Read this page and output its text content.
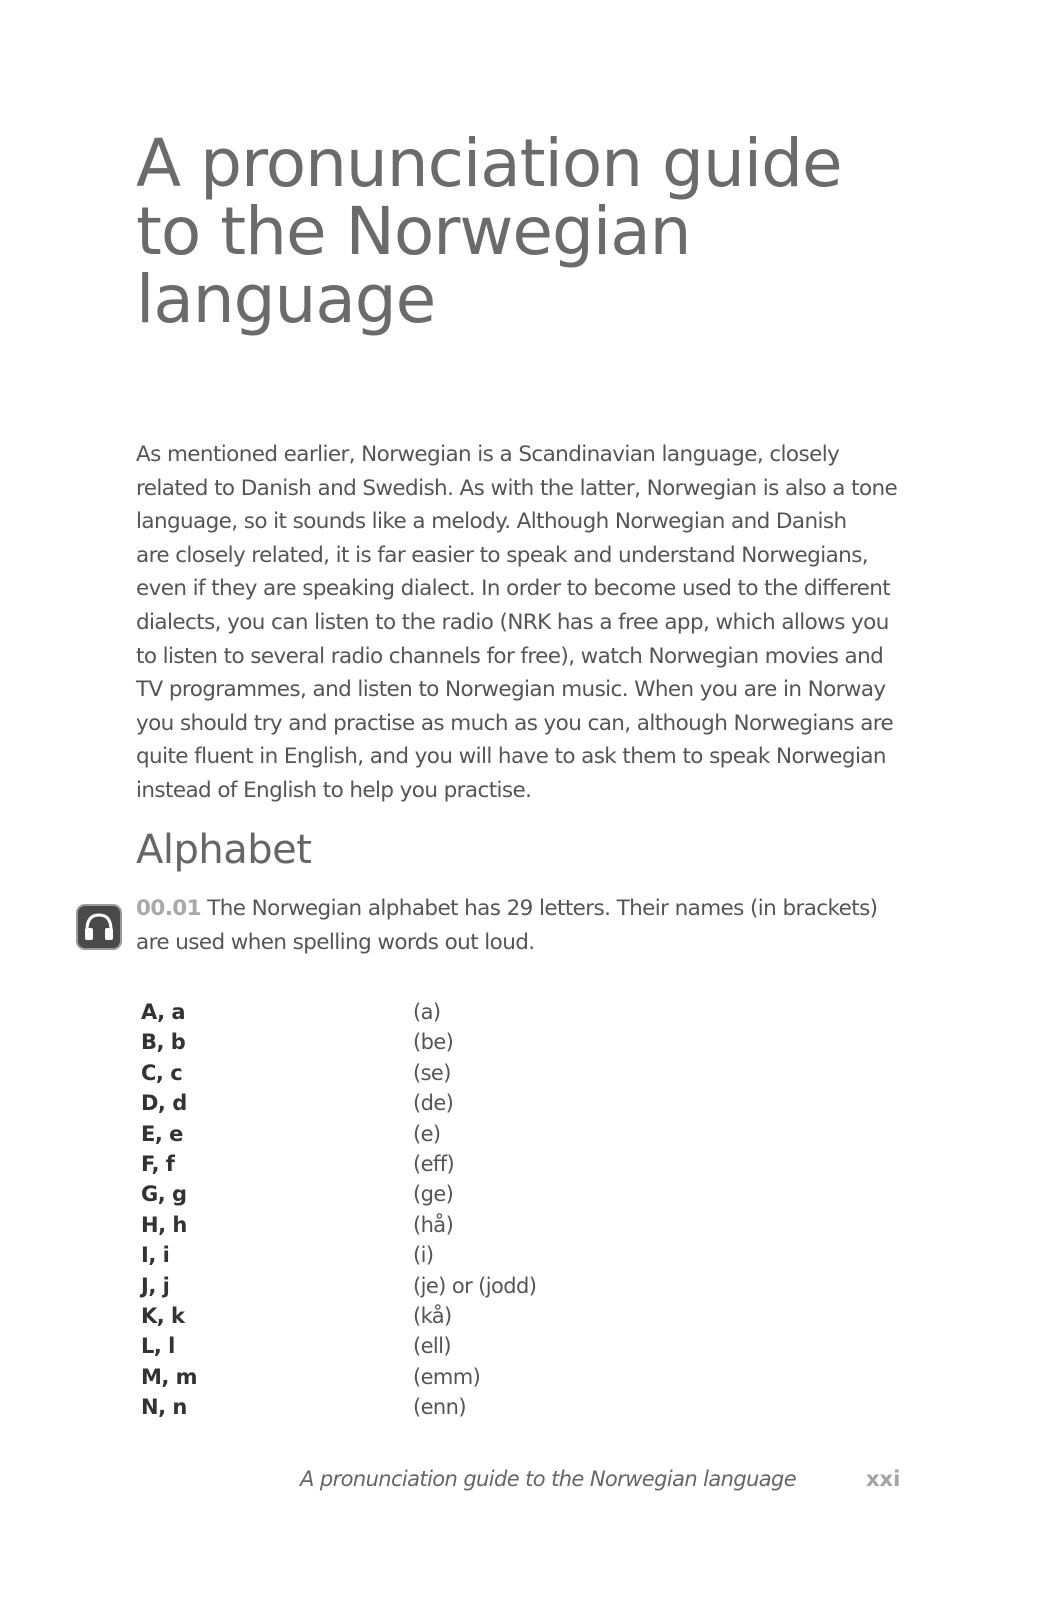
A pronunciation guide
to the Norwegian
language

As mentioned earlier, Norwegian is a Scandinavian language, closely
related to Danish and Swedish. As with the latter, Norwegian is also a tone
language, so it sounds like a melody. Although Norwegian and Danish
are closely related, it is far easier to speak and understand Norwegians,
even if they are speaking dialect. In order to become used to the different
dialects, you can listen to the radio (NRK has a free app, which allows you
to listen to several radio channels for free), watch Norwegian movies and
TV programmes, and listen to Norwegian music. When you are in Norway
you should try and practise as much as you can, although Norwegians are
quite fluent in English, and you will have to ask them to speak Norwegian
instead of English to help you practise.

Alphabet

00.01 The Norwegian alphabet has 29 letters. Their names (in brackets)
are used when spelling words out loud.

A, a	(a)
B, b	(be)
C, c	(se)
D, d	(de)
E, e	(e)
F, f	(eff)
G, g	(ge)
H, h	(hå)
I, i	(i)
J, j	(je) or (jodd)
K, k	(kå)
L, l	(ell)
M, m	(emm)
N, n	(enn)
A pronunciation guide to the Norwegian language	xxi
